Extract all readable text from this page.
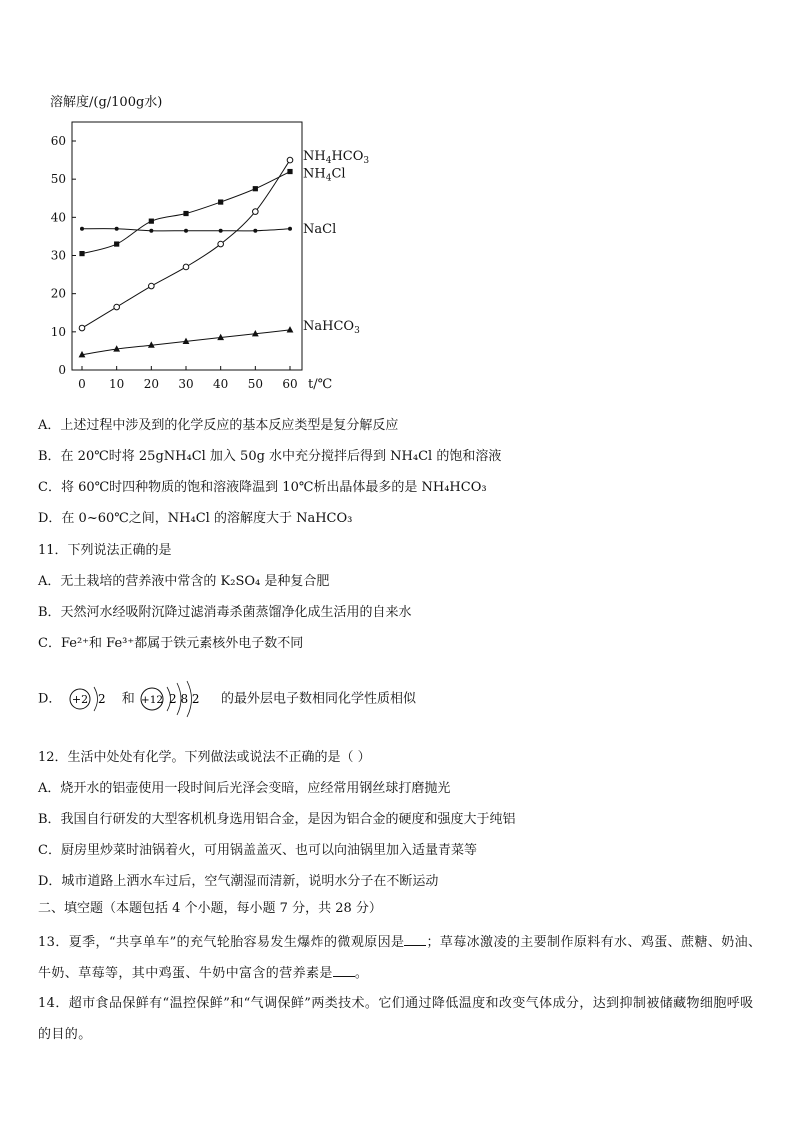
溶解度/(g/100g水)
0
10
20
30
40
50
60
0 10 20 30 40 50 60
$NH_4HCO_3$
$NH_4Cl$
NaCl
NaHCO$_3$
t/℃
A．上述过程中涉及到的化学反应的基本反应类型是复分解反应
B．在 20℃时将 25gNH₄Cl 加入 50g 水中充分搅拌后得到 NH₄Cl 的饱和溶液
C．将 60℃时四种物质的饱和溶液降温到 10℃析出晶体最多的是 NH₄HCO₃
D．在 0~60℃之间，NH₄Cl 的溶解度大于 NaHCO₃
11．下列说法正确的是
A．无土栽培的营养液中常含的 K₂SO₄ 是种复合肥
B．天然河水经吸附沉降过滤消毒杀菌蒸馏净化成生活用的自来水
C．Fe²⁺和 Fe³⁺都属于铁元素核外电子数不同
D． +2 2 和 +12 2 8 2 的最外层电子数相同化学性质相似
12．生活中处处有化学。下列做法或说法不正确的是（ ）
A．烧开水的铝壶使用一段时间后光泽会变暗，应经常用钢丝球打磨抛光
B．我国自行研发的大型客机机身选用铝合金，是因为铝合金的硬度和强度大于纯铝
C．厨房里炒菜时油锅着火，可用锅盖盖灭、也可以向油锅里加入适量青菜等
D．城市道路上洒水车过后，空气潮湿而清新，说明水分子在不断运动
二、填空题（本题包括 4 个小题，每小题 7 分，共 28 分）
13．夏季，“共享单车”的充气轮胎容易发生爆炸的微观原因是 ；草莓冰激凌的主要制作原料有水、鸡蛋、蔗糖、奶油、牛奶、草莓等，其中鸡蛋、牛奶中富含的营养素是 。
14．超市食品保鲜有“温控保鲜”和“气调保鲜”两类技术。它们通过降低温度和改变气体成分，达到抑制被储藏物细胞呼吸的目的。
